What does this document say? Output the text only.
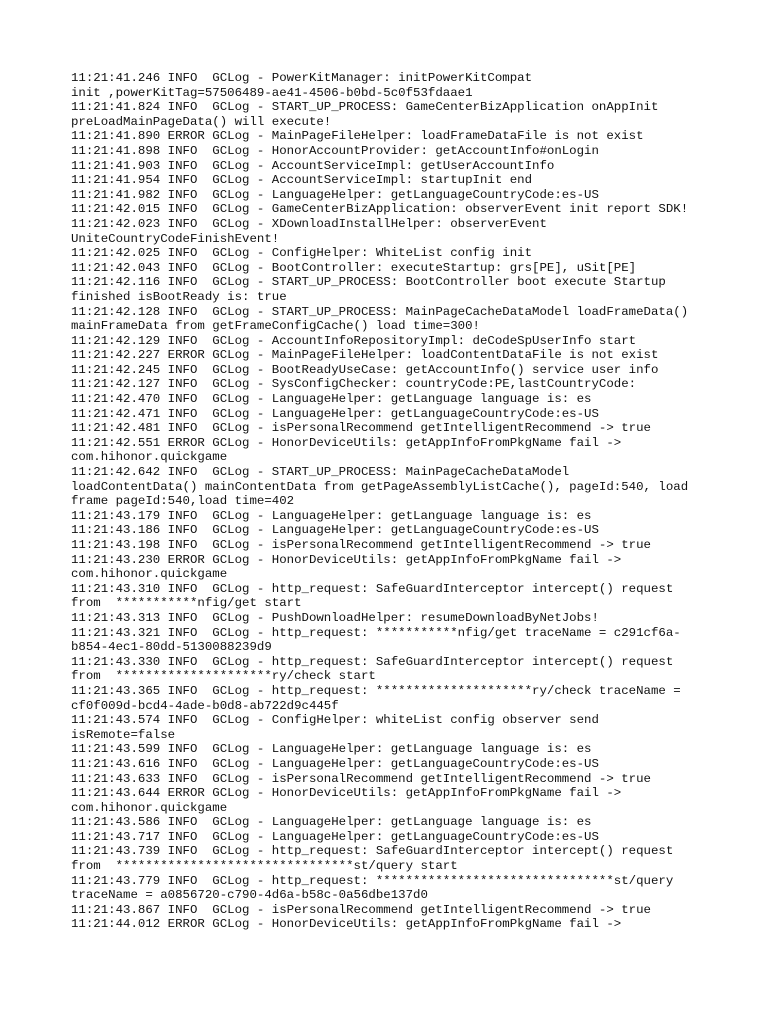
11:21:41.246 INFO  GCLog - PowerKitManager: initPowerKitCompat
init ,powerKitTag=57506489-ae41-4506-b0bd-5c0f53fdaae1
11:21:41.824 INFO  GCLog - START_UP_PROCESS: GameCenterBizApplication onAppInit
preLoadMainPageData() will execute!
11:21:41.890 ERROR GCLog - MainPageFileHelper: loadFrameDataFile is not exist
11:21:41.898 INFO  GCLog - HonorAccountProvider: getAccountInfo#onLogin
11:21:41.903 INFO  GCLog - AccountServiceImpl: getUserAccountInfo
11:21:41.954 INFO  GCLog - AccountServiceImpl: startupInit end
11:21:41.982 INFO  GCLog - LanguageHelper: getLanguageCountryCode:es-US
11:21:42.015 INFO  GCLog - GameCenterBizApplication: observerEvent init report SDK!
11:21:42.023 INFO  GCLog - XDownloadInstallHelper: observerEvent
UniteCountryCodeFinishEvent!
11:21:42.025 INFO  GCLog - ConfigHelper: WhiteList config init
11:21:42.043 INFO  GCLog - BootController: executeStartup: grs[PE], uSit[PE]
11:21:42.116 INFO  GCLog - START_UP_PROCESS: BootController boot execute Startup
finished isBootReady is: true
11:21:42.128 INFO  GCLog - START_UP_PROCESS: MainPageCacheDataModel loadFrameData()
mainFrameData from getFrameConfigCache() load time=300!
11:21:42.129 INFO  GCLog - AccountInfoRepositoryImpl: deCodeSpUserInfo start
11:21:42.227 ERROR GCLog - MainPageFileHelper: loadContentDataFile is not exist
11:21:42.245 INFO  GCLog - BootReadyUseCase: getAccountInfo() service user info
11:21:42.127 INFO  GCLog - SysConfigChecker: countryCode:PE,lastCountryCode:
11:21:42.470 INFO  GCLog - LanguageHelper: getLanguage language is: es
11:21:42.471 INFO  GCLog - LanguageHelper: getLanguageCountryCode:es-US
11:21:42.481 INFO  GCLog - isPersonalRecommend getIntelligentRecommend -> true
11:21:42.551 ERROR GCLog - HonorDeviceUtils: getAppInfoFromPkgName fail ->
com.hihonor.quickgame
11:21:42.642 INFO  GCLog - START_UP_PROCESS: MainPageCacheDataModel
loadContentData() mainContentData from getPageAssemblyListCache(), pageId:540, load
frame pageId:540,load time=402
11:21:43.179 INFO  GCLog - LanguageHelper: getLanguage language is: es
11:21:43.186 INFO  GCLog - LanguageHelper: getLanguageCountryCode:es-US
11:21:43.198 INFO  GCLog - isPersonalRecommend getIntelligentRecommend -> true
11:21:43.230 ERROR GCLog - HonorDeviceUtils: getAppInfoFromPkgName fail ->
com.hihonor.quickgame
11:21:43.310 INFO  GCLog - http_request: SafeGuardInterceptor intercept() request
from  ***********nfig/get start
11:21:43.313 INFO  GCLog - PushDownloadHelper: resumeDownloadByNetJobs!
11:21:43.321 INFO  GCLog - http_request: ***********nfig/get traceName = c291cf6a-
b854-4ec1-80dd-5130088239d9
11:21:43.330 INFO  GCLog - http_request: SafeGuardInterceptor intercept() request
from  *********************ry/check start
11:21:43.365 INFO  GCLog - http_request: *********************ry/check traceName =
cf0f009d-bcd4-4ade-b0d8-ab722d9c445f
11:21:43.574 INFO  GCLog - ConfigHelper: whiteList config observer send
isRemote=false
11:21:43.599 INFO  GCLog - LanguageHelper: getLanguage language is: es
11:21:43.616 INFO  GCLog - LanguageHelper: getLanguageCountryCode:es-US
11:21:43.633 INFO  GCLog - isPersonalRecommend getIntelligentRecommend -> true
11:21:43.644 ERROR GCLog - HonorDeviceUtils: getAppInfoFromPkgName fail ->
com.hihonor.quickgame
11:21:43.586 INFO  GCLog - LanguageHelper: getLanguage language is: es
11:21:43.717 INFO  GCLog - LanguageHelper: getLanguageCountryCode:es-US
11:21:43.739 INFO  GCLog - http_request: SafeGuardInterceptor intercept() request
from  ********************************st/query start
11:21:43.779 INFO  GCLog - http_request: ********************************st/query
traceName = a0856720-c790-4d6a-b58c-0a56dbe137d0
11:21:43.867 INFO  GCLog - isPersonalRecommend getIntelligentRecommend -> true
11:21:44.012 ERROR GCLog - HonorDeviceUtils: getAppInfoFromPkgName fail ->
